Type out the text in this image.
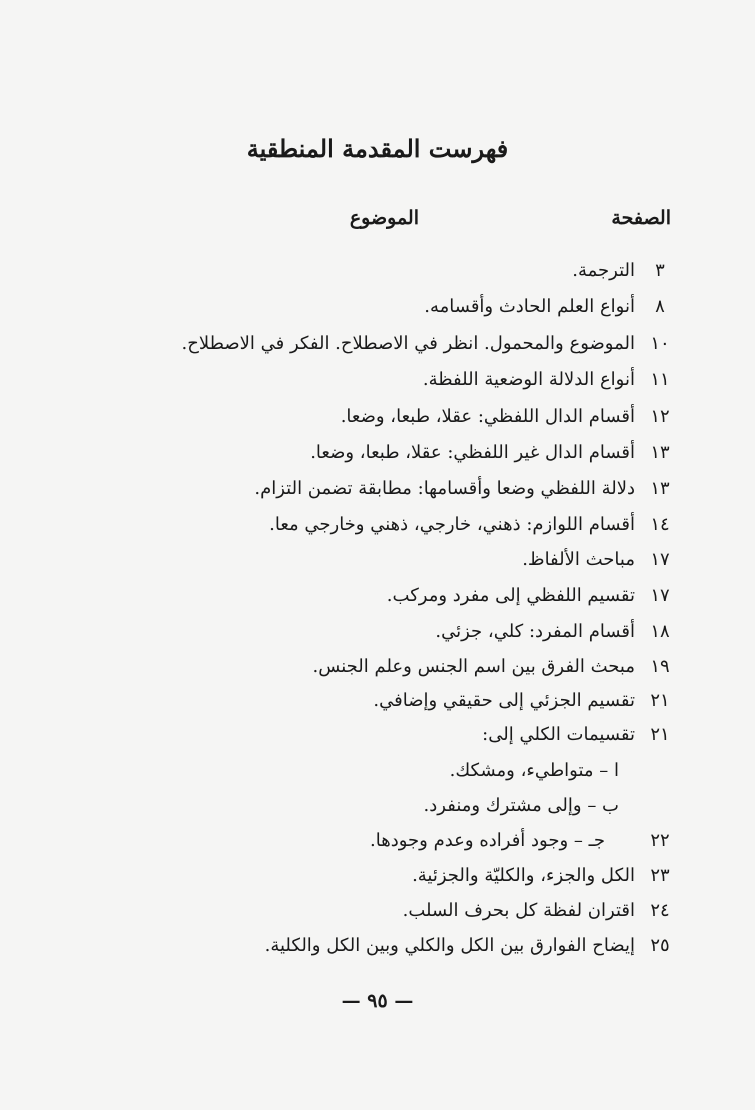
فهرست المقدمة المنطقية
الصفحة
الموضوع
٣الترجمة.
٨أنواع العلم الحادث وأقسامه.
١٠الموضوع والمحمول. انظر في الاصطلاح. الفكر في الاصطلاح.
١١أنواع الدلالة الوضعية اللفظة.
١٢أقسام الدال اللفظي: عقلا، طبعا، وضعا.
١٣أقسام الدال غير اللفظي: عقلا، طبعا، وضعا.
١٣دلالة اللفظي وضعا وأقسامها: مطابقة تضمن التزام.
١٤أقسام اللوازم: ذهني، خارجي، ذهني وخارجي معا.
١٧مباحث الألفاظ.
١٧تقسيم اللفظي إلى مفرد ومركب.
١٨أقسام المفرد: كلي، جزئي.
١٩مبحث الفرق بين اسم الجنس وعلم الجنس.
٢١تقسيم الجزئي إلى حقيقي وإضافي.
٢١تقسيمات الكلي إلى:
ا – متواطيء، ومشكك.
ب – وإلى مشترك ومنفرد.
٢٢جـ – وجود أفراده وعدم وجودها.
٢٣الكل والجزء، والكليّة والجزئية.
٢٤اقتران لفظة كل بحرف السلب.
٢٥إيضاح الفوارق بين الكل والكلي وبين الكل والكلية.
— ٩٥ —
